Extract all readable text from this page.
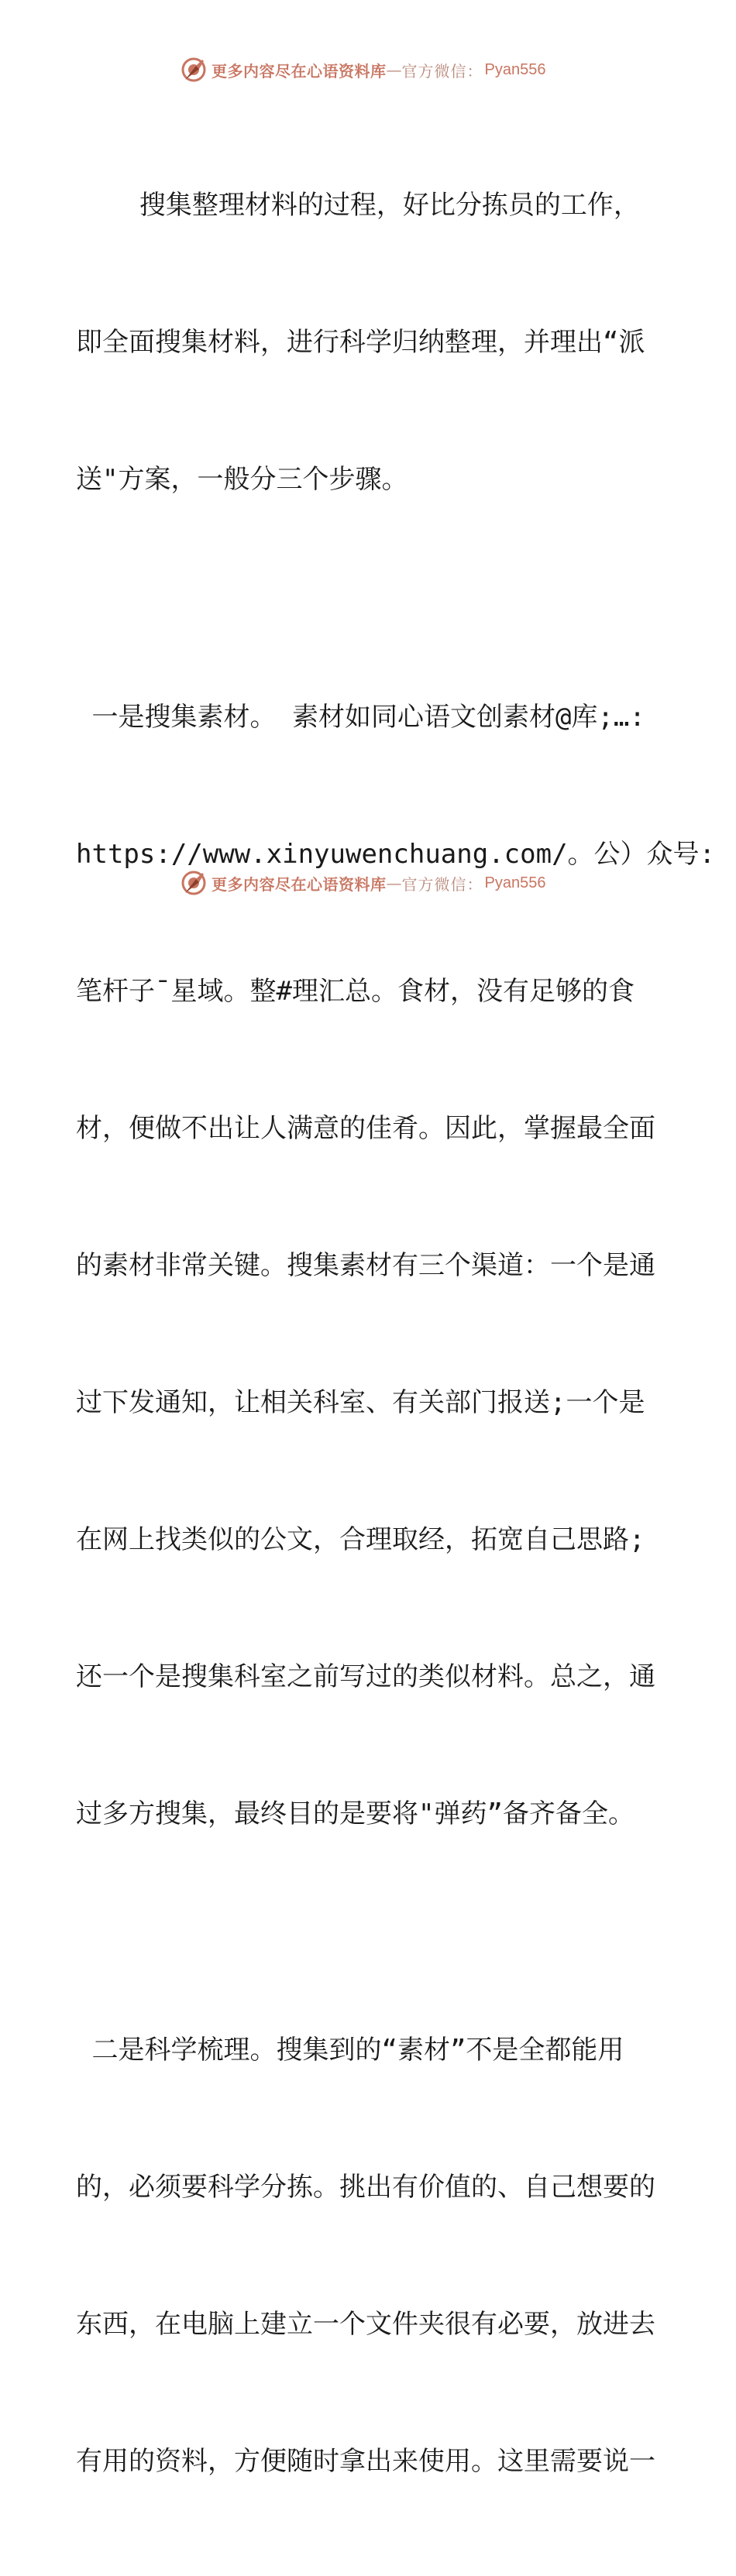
更多内容尽在心语资料库 — 官方微信： Pyan556

搜集整理材料的过程，好比分拣员的工作，

即全面搜集材料，进行科学归纳整理，并理出“派

送"方案，一般分三个步骤。

一是搜集素材。 素材如同心语文创素材@库;…:

https://www.xinyuwenchuang.com/。公）众号:

笔杆子¯星域。整#理汇总。食材，没有足够的食

材，便做不出让人满意的佳肴。因此，掌握最全面

的素材非常关键。搜集素材有三个渠道：一个是通

过下发通知，让相关科室、有关部门报送;一个是

在网上找类似的公文，合理取经，拓宽自己思路;

还一个是搜集科室之前写过的类似材料。总之，通

过多方搜集，最终目的是要将"弹药”备齐备全。

二是科学梳理。搜集到的“素材”不是全都能用

的，必须要科学分拣。挑出有价值的、自己想要的

东西，在电脑上建立一个文件夹很有必要，放进去

有用的资料，方便随时拿出来使用。这里需要说一

更多内容尽在心语资料库 — 官方微信： Pyan556
